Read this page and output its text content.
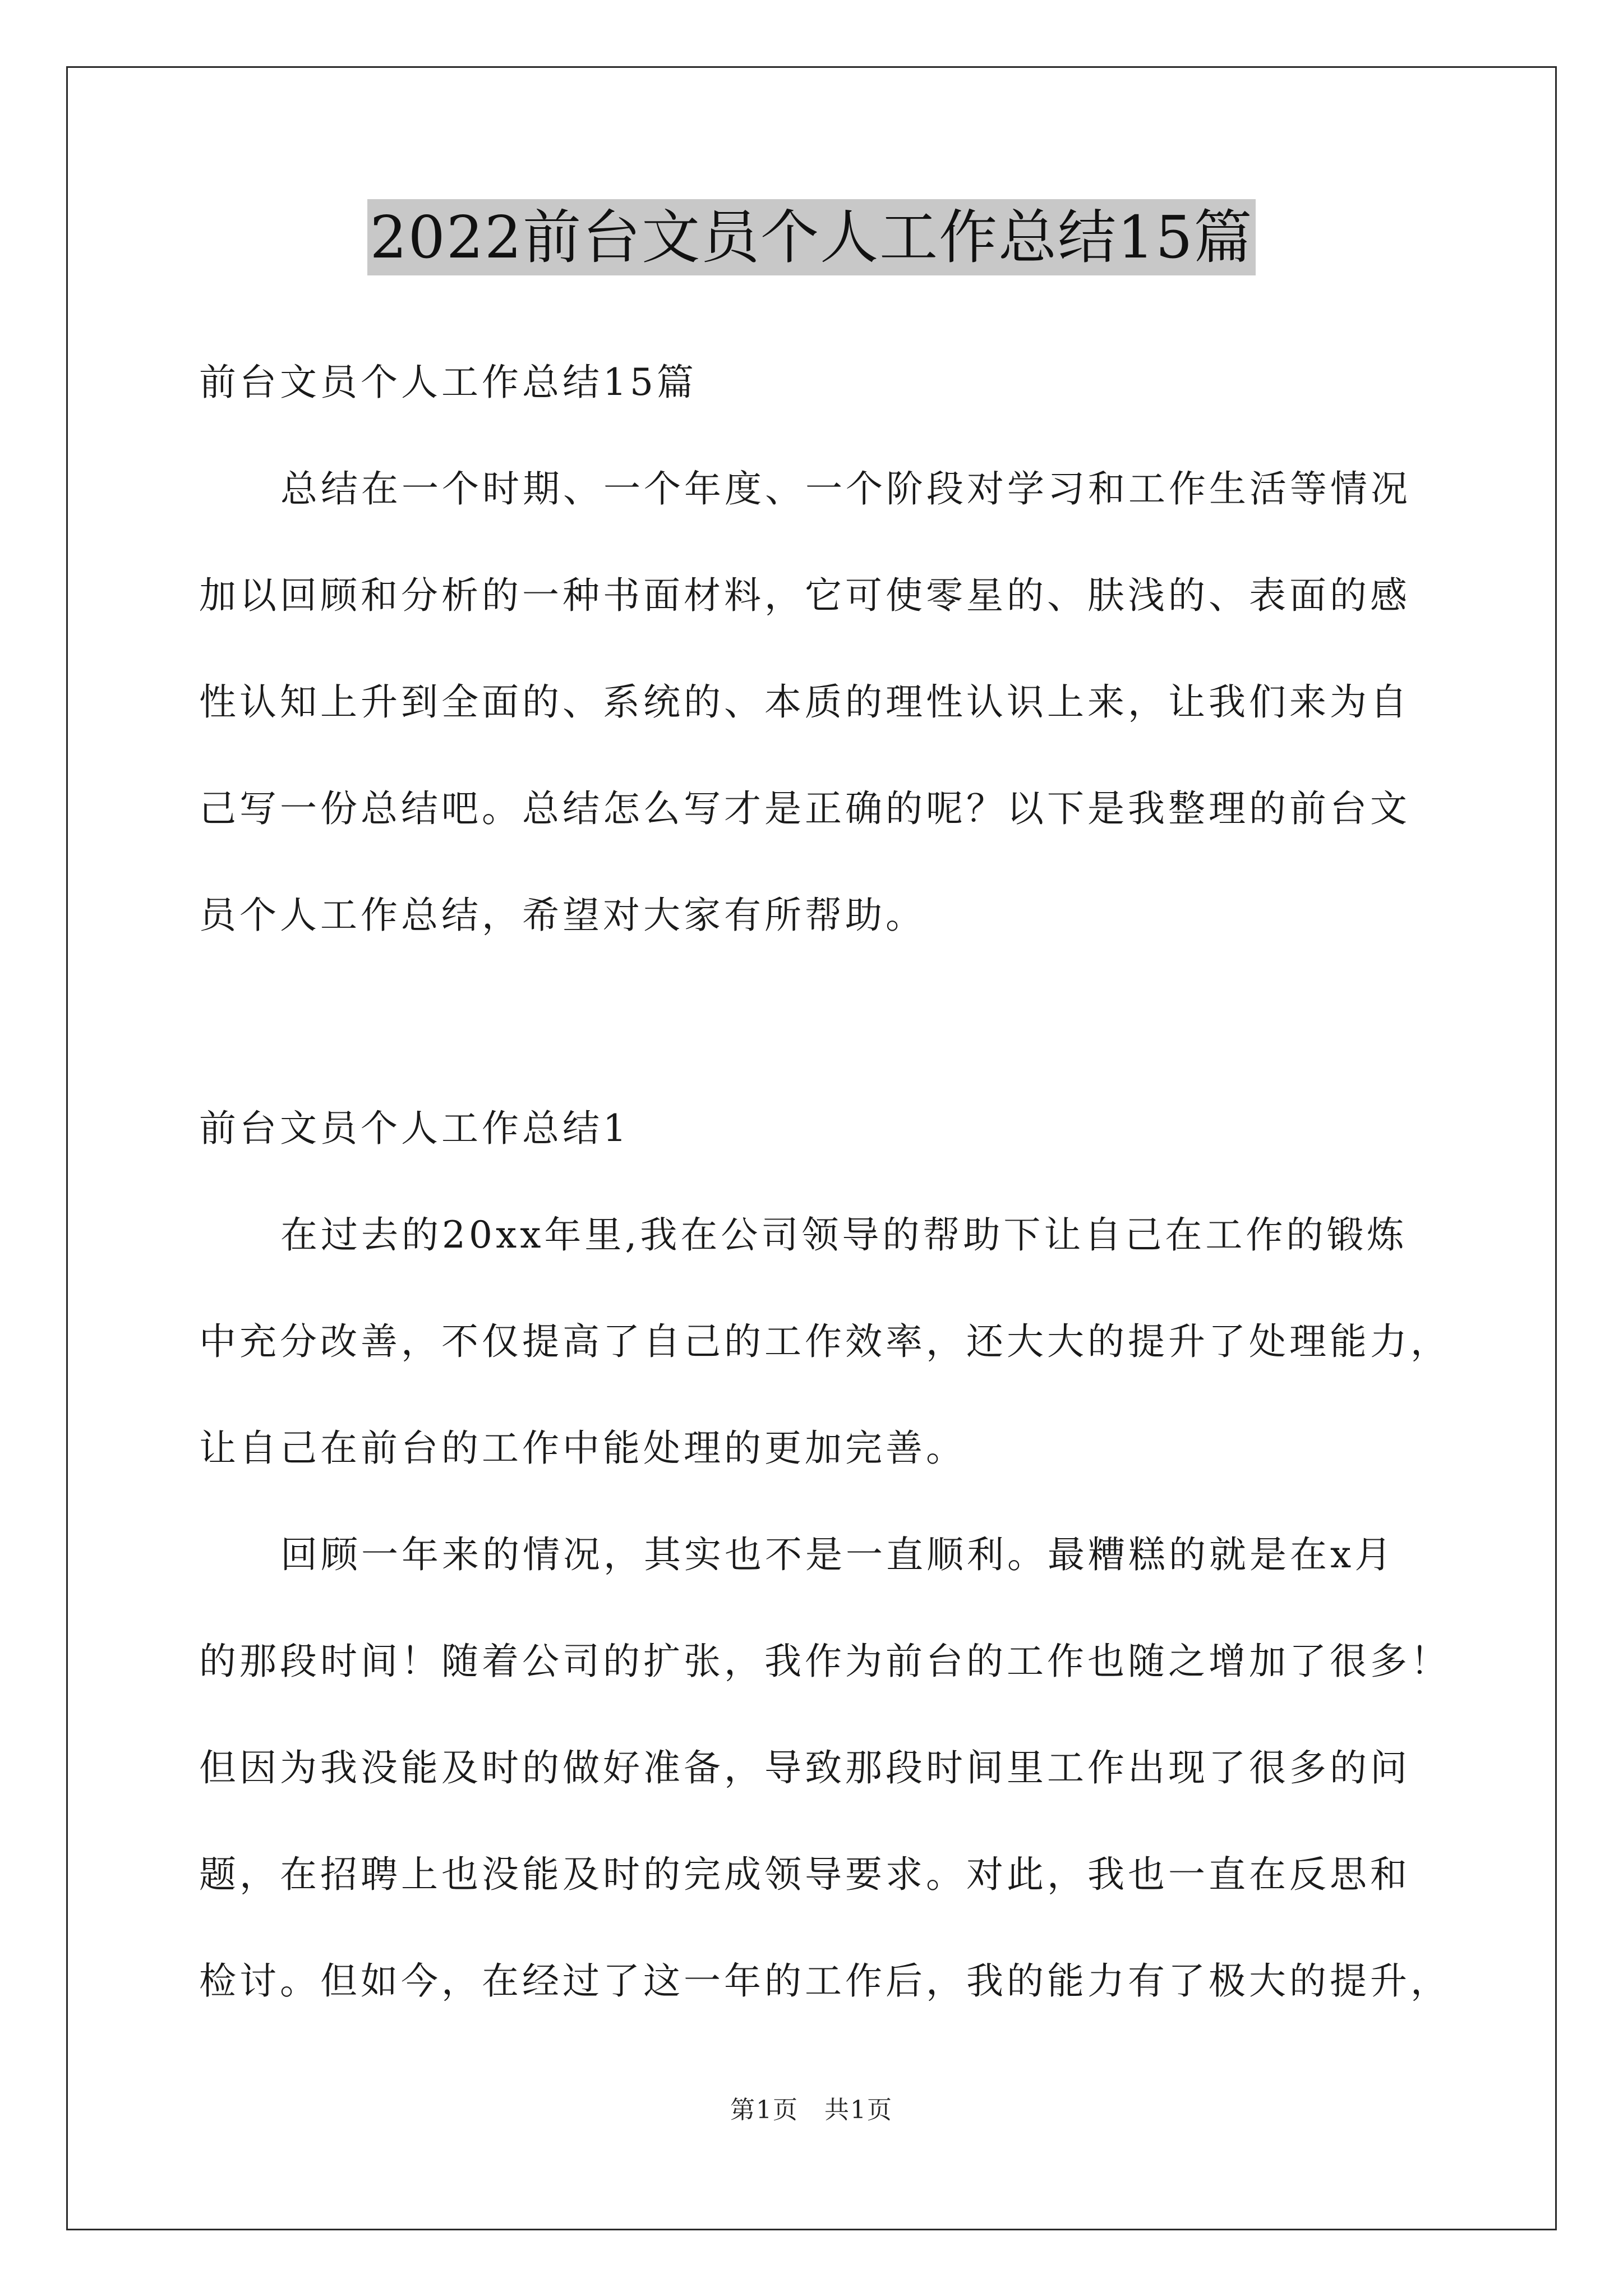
2022前台文员个人工作总结15篇
前台文员个人工作总结15篇
总结在一个时期、一个年度、一个阶段对学习和工作生活等情况
加以回顾和分析的一种书面材料，它可使零星的、肤浅的、表面的感
性认知上升到全面的、系统的、本质的理性认识上来，让我们来为自
己写一份总结吧。总结怎么写才是正确的呢？以下是我整理的前台文
员个人工作总结，希望对大家有所帮助。
前台文员个人工作总结1
在过去的20xx年里,我在公司领导的帮助下让自己在工作的锻炼
中充分改善，不仅提高了自己的工作效率，还大大的提升了处理能力，
让自己在前台的工作中能处理的更加完善。
回顾一年来的情况，其实也不是一直顺利。最糟糕的就是在x月
的那段时间！随着公司的扩张，我作为前台的工作也随之增加了很多！
但因为我没能及时的做好准备，导致那段时间里工作出现了很多的问
题，在招聘上也没能及时的完成领导要求。对此，我也一直在反思和
检讨。但如今，在经过了这一年的工作后，我的能力有了极大的提升，
第1页　共1页
